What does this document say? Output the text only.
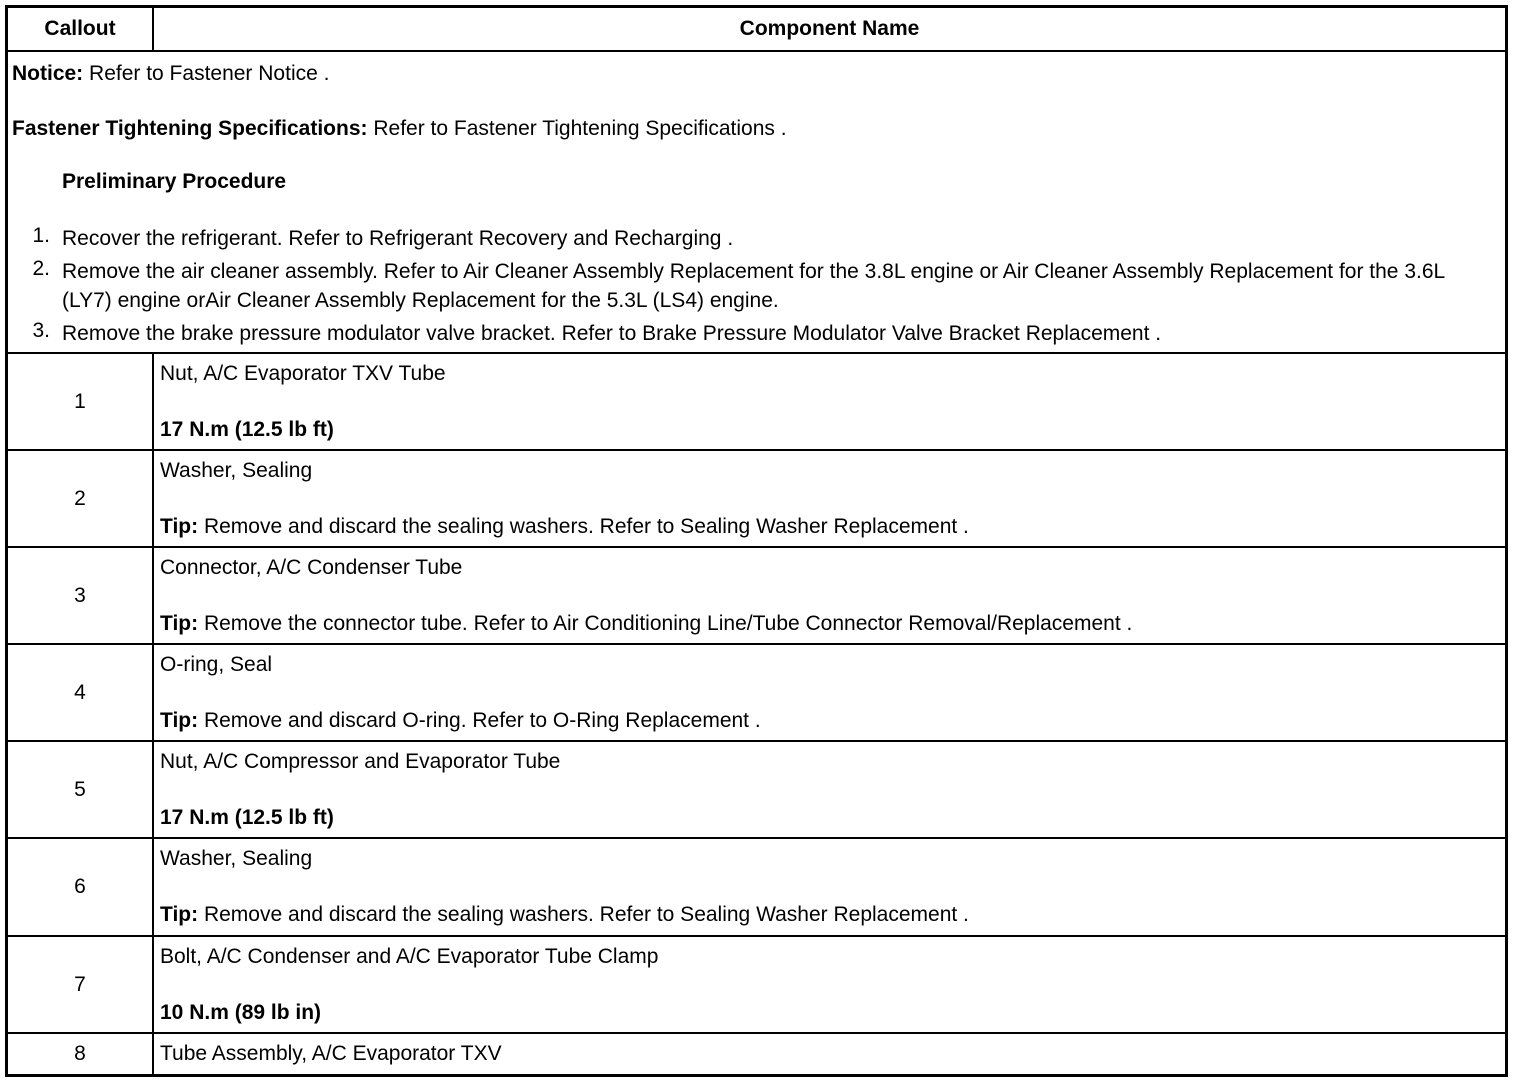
Callout	Component Name
Notice: Refer to Fastener Notice .
Fastener Tightening Specifications: Refer to Fastener Tightening Specifications .
Preliminary Procedure
1. Recover the refrigerant. Refer to Refrigerant Recovery and Recharging .
2. Remove the air cleaner assembly. Refer to Air Cleaner Assembly Replacement for the 3.8L engine or Air Cleaner Assembly Replacement for the 3.6L (LY7) engine orAir Cleaner Assembly Replacement for the 5.3L (LS4) engine.
3. Remove the brake pressure modulator valve bracket. Refer to Brake Pressure Modulator Valve Bracket Replacement .
1
Nut, A/C Evaporator TXV Tube
17 N.m (12.5 lb ft)
2
Washer, Sealing
Tip: Remove and discard the sealing washers. Refer to Sealing Washer Replacement .
3
Connector, A/C Condenser Tube
Tip: Remove the connector tube. Refer to Air Conditioning Line/Tube Connector Removal/Replacement .
4
O-ring, Seal
Tip: Remove and discard O-ring. Refer to O-Ring Replacement .
5
Nut, A/C Compressor and Evaporator Tube
17 N.m (12.5 lb ft)
6
Washer, Sealing
Tip: Remove and discard the sealing washers. Refer to Sealing Washer Replacement .
7
Bolt, A/C Condenser and A/C Evaporator Tube Clamp
10 N.m (89 lb in)
8	Tube Assembly, A/C Evaporator TXV
